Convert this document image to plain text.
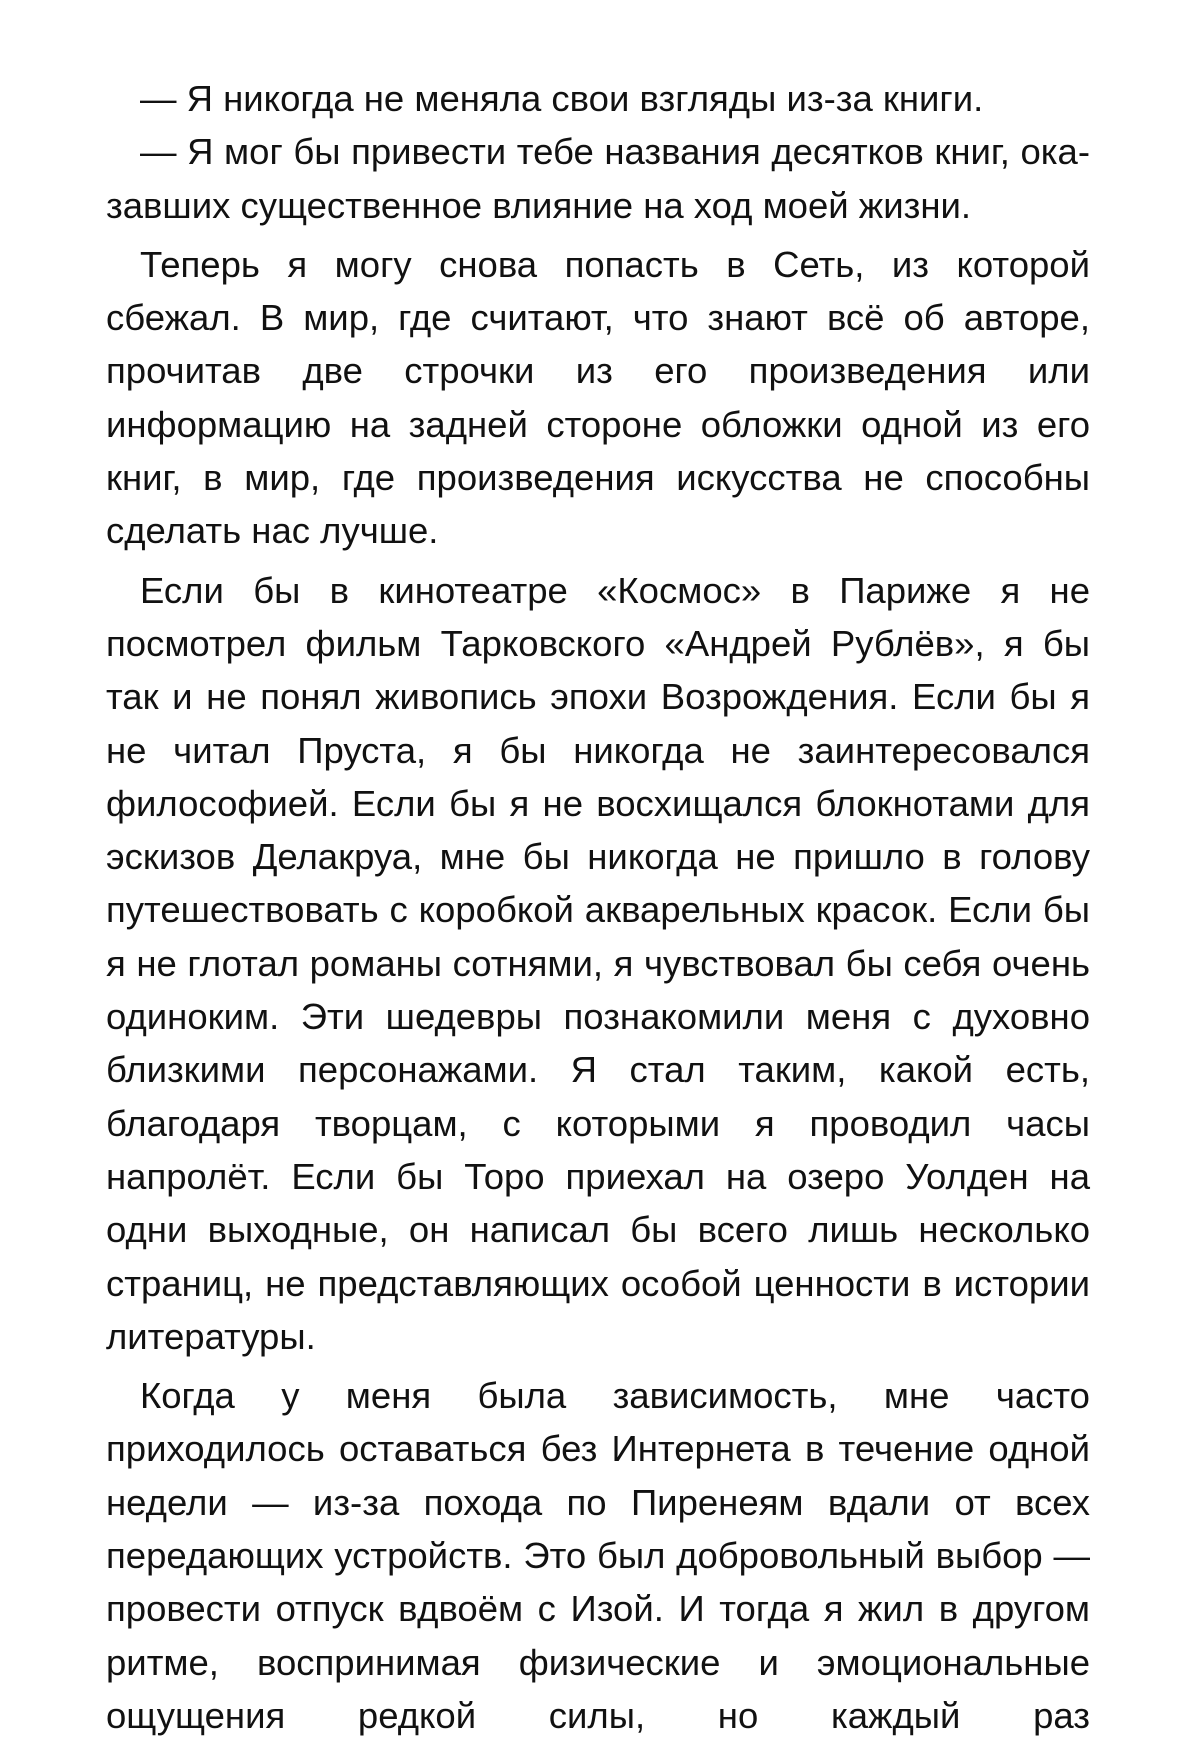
— Я никогда не меняла свои взгляды из-за книги.

— Я мог бы привести тебе названия десятков книг, оказавших существенное влияние на ход моей жизни.

Теперь я могу снова попасть в Сеть, из которой сбежал. В мир, где считают, что знают всё об авторе, прочитав две строчки из его произведения или информацию на задней стороне обложки одной из его книг, в мир, где произведения искусства не способны сделать нас лучше.

Если бы в кинотеатре «Космос» в Париже я не посмотрел фильм Тарковского «Андрей Рублёв», я бы так и не понял живопись эпохи Возрождения. Если бы я не читал Пруста, я бы никогда не заинтересовался философией. Если бы я не восхищался блокнотами для эскизов Делакруа, мне бы никогда не пришло в голову путешествовать с коробкой акварельных красок. Если бы я не глотал романы сотнями, я чувствовал бы себя очень одиноким. Эти шедевры познакомили меня с духовно близкими персонажами. Я стал таким, какой есть, благодаря творцам, с которыми я проводил часы напролёт. Если бы Торо приехал на озеро Уолден на одни выходные, он написал бы всего лишь несколько страниц, не представляющих особой ценности в истории литературы.

Когда у меня была зависимость, мне часто приходилось оставаться без Интернета в течение одной недели — из-за похода по Пиренеям вдали от всех передающих устройств. Это был добровольный выбор — провести отпуск вдвоём с Изой. И тогда я жил в другом ритме, воспринимая физические и эмоциональные ощущения редкой силы, но каждый раз
